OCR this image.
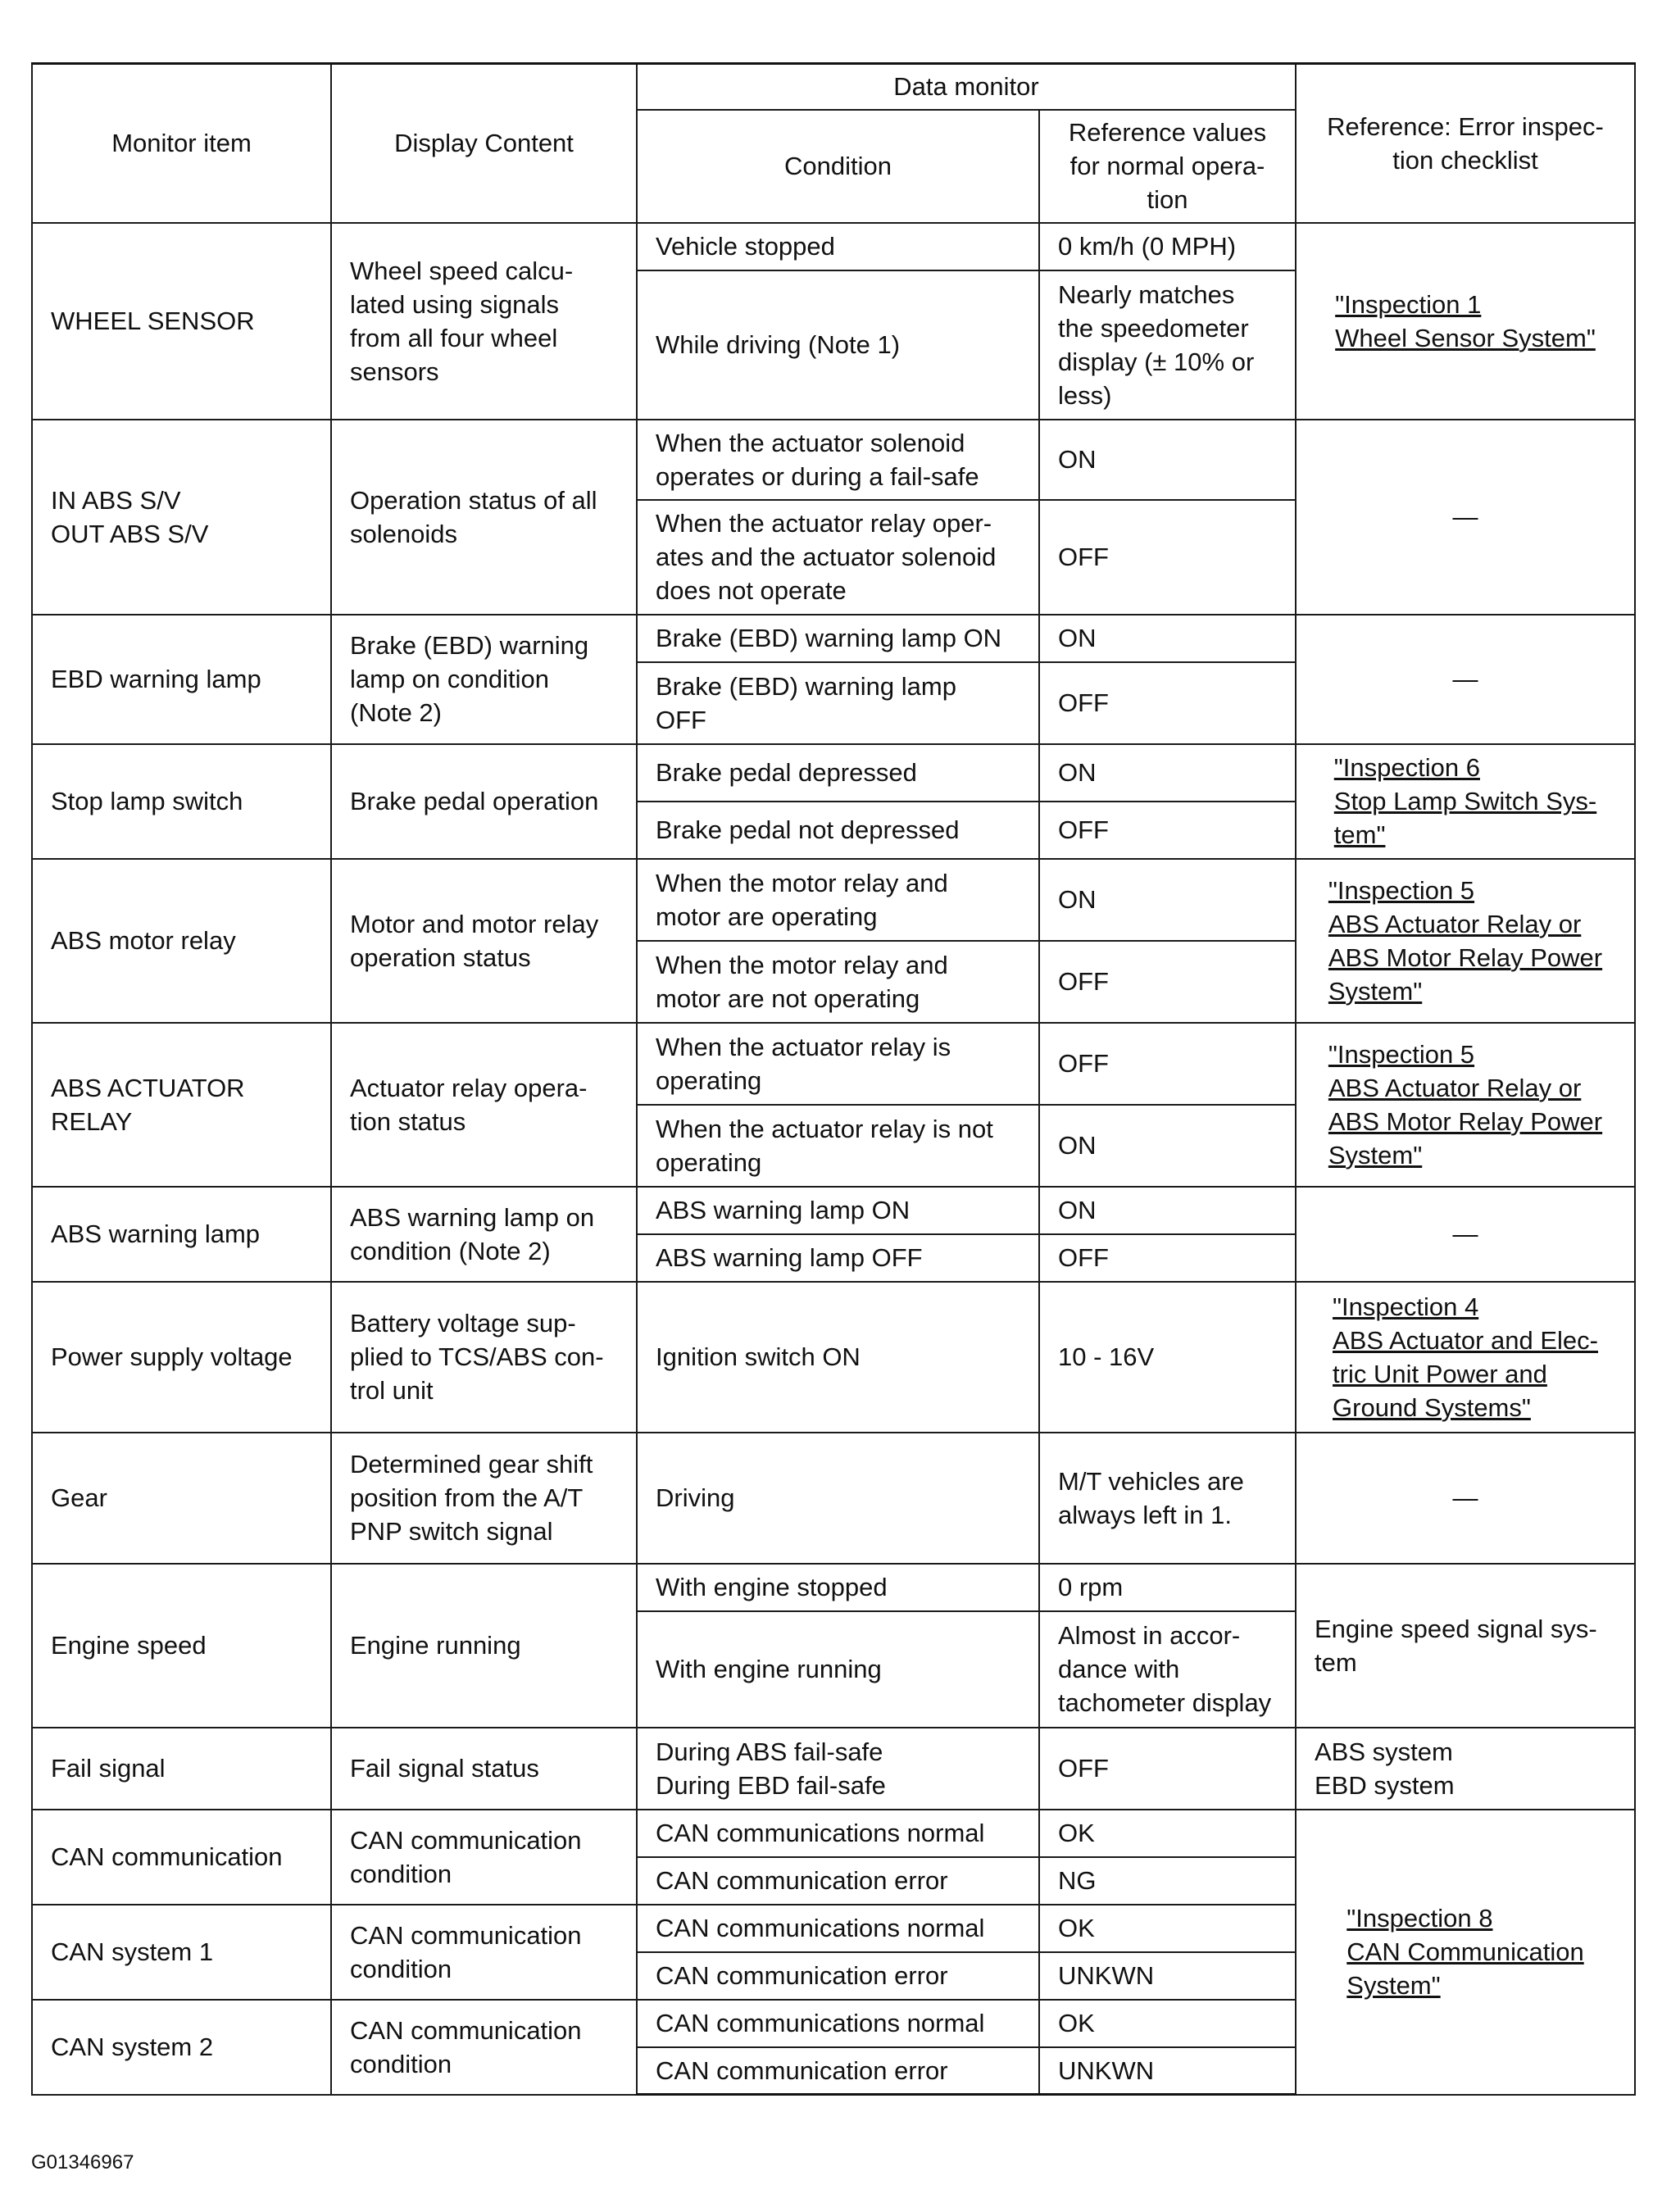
Monitor item	Display Content	Data monitor		Reference: Error inspec-
tion checklist
		Condition	Reference values
for normal opera-
tion	
WHEEL SENSOR	Wheel speed calcu-
lated using signals
from all four wheel
sensors	Vehicle stopped	0 km/h (0 MPH)	"Inspection 1
Wheel Sensor System"
		While driving (Note 1)	Nearly matches
the speedometer
display (± 10% or
less)	
IN ABS S/V
OUT ABS S/V	Operation status of all
solenoids	When the actuator solenoid
operates or during a fail-safe	ON	—

		When the actuator relay oper-
ates and the actuator solenoid
does not operate	OFF	
EBD warning lamp	Brake (EBD) warning
lamp on condition
(Note 2)	Brake (EBD) warning lamp ON	ON	—

		Brake (EBD) warning lamp
OFF	OFF	
Stop lamp switch	Brake pedal operation	Brake pedal depressed	ON	"Inspection 6
Stop Lamp Switch Sys-
tem"
		Brake pedal not depressed	OFF	
ABS motor relay	Motor and motor relay
operation status	When the motor relay and
motor are operating	ON	"Inspection 5
ABS Actuator Relay or
ABS Motor Relay Power
System"
		When the motor relay and
motor are not operating	OFF	
ABS ACTUATOR
RELAY	Actuator relay opera-
tion status	When the actuator relay is
operating	OFF	"Inspection 5
ABS Actuator Relay or
ABS Motor Relay Power
System"
		When the actuator relay is not
operating	ON	
ABS warning lamp	ABS warning lamp on
condition (Note 2)	ABS warning lamp ON	ON	—

		ABS warning lamp OFF	OFF	
Power supply voltage	Battery voltage sup-
plied to TCS/ABS con-
trol unit	Ignition switch ON	10 - 16V	"Inspection 4
ABS Actuator and Elec-
tric Unit Power and
Ground Systems"
Gear	Determined gear shift
position from the A/T
PNP switch signal	Driving	M/T vehicles are
always left in 1.	—

Engine speed	Engine running	With engine stopped	0 rpm	Engine speed signal sys-
tem

		With engine running	Almost in accor-
dance with
tachometer display	
Fail signal	Fail signal status	During ABS fail-safe
During EBD fail-safe	OFF	ABS system
EBD system

CAN communication	CAN communication
condition	CAN communications normal	OK	"Inspection 8
CAN Communication
System"
		CAN communication error	NG	
CAN system 1	CAN communication
condition	CAN communications normal	OK	
		CAN communication error	UNKWN	
CAN system 2	CAN communication
condition	CAN communications normal	OK	
		CAN communication error	UNKWN	
G01346967
